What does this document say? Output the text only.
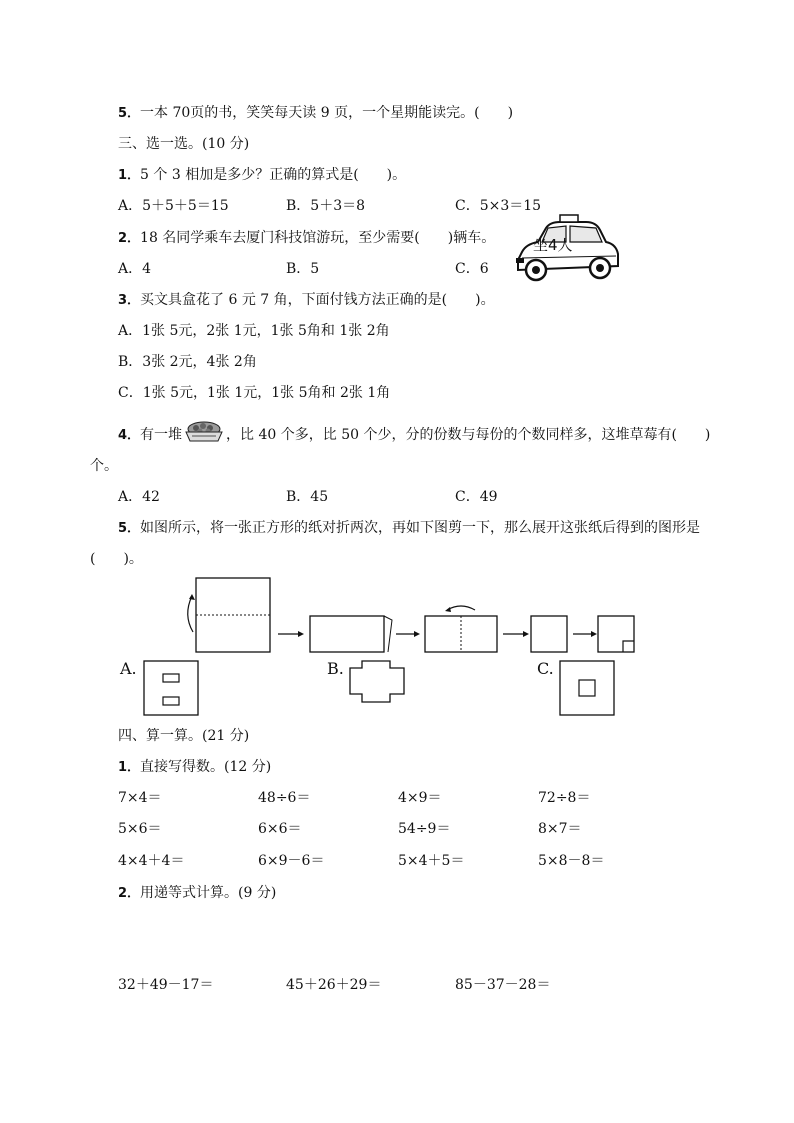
5．一本 70页的书，笑笑每天读 9 页，一个星期能读完。(　　)
三、选一选。(10 分)
1．5 个 3 相加是多少？正确的算式是(　　)。
A．5＋5＋5＝15	B．5＋3＝8	C．5×3＝15
2．18 名同学乘车去厦门科技馆游玩，至少需要(　　)辆车。
A．4	B．5	C．6
坐4人
3．买文具盒花了 6 元 7 角，下面付钱方法正确的是(　　)。
A．1张 5元，2张 1元，1张 5角和 1张 2角
B．3张 2元，4张 2角
C．1张 5元，1张 1元，1张 5角和 2张 1角
4．有一堆	，比 40 个多，比 50 个少，分的份数与每份的个数同样多，这堆草莓有(　　)
个。
A．42	B．45	C．49
5．如图所示，将一张正方形的纸对折两次，再如下图剪一下，那么展开这张纸后得到的图形是
(　　)。
A.	B.	C.
四、算一算。(21 分)
1．直接写得数。(12 分)
7×4＝	48÷6＝	4×9＝	72÷8＝
5×6＝	6×6＝	54÷9＝	8×7＝
4×4＋4＝	6×9－6＝	5×4＋5＝	5×8－8＝
2．用递等式计算。(9 分)
32＋49－17＝	45＋26＋29＝	85－37－28＝
